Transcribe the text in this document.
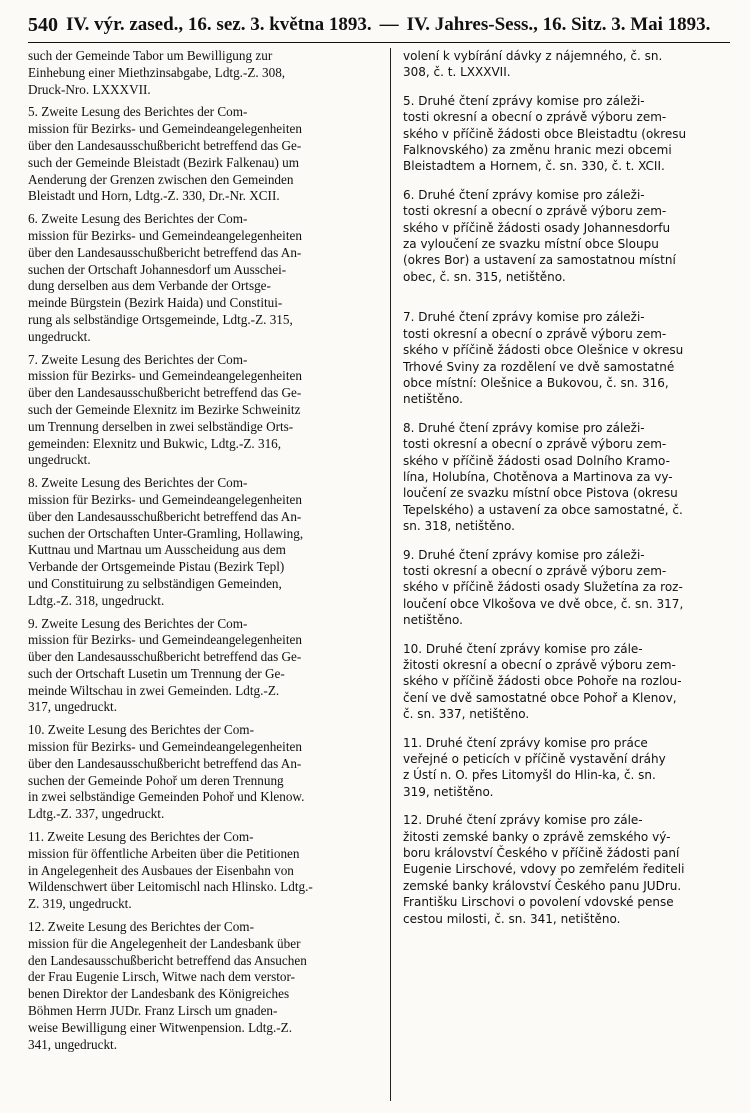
540 IV. výr. zased., 16. sez. 3. května 1893. — IV. Jahres-Sess., 16. Sitz. 3. Mai 1893.

such der Gemeinde Tabor um Bewilligung zur
Einhebung einer Miethzinsabgabe, Ldtg.-Z. 308,
Druck-Nro. LXXXVII.

5. Zweite Lesung des Berichtes der Com-
mission für Bezirks- und Gemeindeangelegenheiten
über den Landesausschußbericht betreffend das Ge-
such der Gemeinde Bleistadt (Bezirk Falkenau) um
Aenderung der Grenzen zwischen den Gemeinden
Bleistadt und Horn, Ldtg.-Z. 330, Dr.-Nr. XCII.

6. Zweite Lesung des Berichtes der Com-
mission für Bezirks- und Gemeindeangelegenheiten
über den Landesausschußbericht betreffend das An-
suchen der Ortschaft Johannesdorf um Ausschei-
dung derselben aus dem Verbande der Ortsge-
meinde Bürgstein (Bezirk Haida) und Constitui-
rung als selbständige Ortsgemeinde, Ldtg.-Z. 315,
ungedruckt.

7. Zweite Lesung des Berichtes der Com-
mission für Bezirks- und Gemeindeangelegenheiten
über den Landesausschußbericht betreffend das Ge-
such der Gemeinde Elexnitz im Bezirke Schweinitz
um Trennung derselben in zwei selbständige Orts-
gemeinden: Elexnitz und Bukwic, Ldtg.-Z. 316,
ungedruckt.

8. Zweite Lesung des Berichtes der Com-
mission für Bezirks- und Gemeindeangelegenheiten
über den Landesausschußbericht betreffend das An-
suchen der Ortschaften Unter-Gramling, Hollawing,
Kuttnau und Martnau um Ausscheidung aus dem
Verbande der Ortsgemeinde Pistau (Bezirk Tepl)
und Constituirung zu selbständigen Gemeinden,
Ldtg.-Z. 318, ungedruckt.

9. Zweite Lesung des Berichtes der Com-
mission für Bezirks- und Gemeindeangelegenheiten
über den Landesausschußbericht betreffend das Ge-
such der Ortschaft Lusetin um Trennung der Ge-
meinde Wiltschau in zwei Gemeinden. Ldtg.-Z.
317, ungedruckt.

10. Zweite Lesung des Berichtes der Com-
mission für Bezirks- und Gemeindeangelegenheiten
über den Landesausschußbericht betreffend das An-
suchen der Gemeinde Pohoř um deren Trennung
in zwei selbständige Gemeinden Pohoř und Klenow.
Ldtg.-Z. 337, ungedruckt.

11. Zweite Lesung des Berichtes der Com-
mission für öffentliche Arbeiten über die Petitionen
in Angelegenheit des Ausbaues der Eisenbahn von
Wildenschwert über Leitomischl nach Hlinsko. Ldtg.-
Z. 319, ungedruckt.

12. Zweite Lesung des Berichtes der Com-
mission für die Angelegenheit der Landesbank über
den Landesausschußbericht betreffend das Ansuchen
der Frau Eugenie Lirsch, Witwe nach dem verstor-
benen Direktor der Landesbank des Königreiches
Böhmen Herrn JUDr. Franz Lirsch um gnaden-
weise Bewilligung einer Witwenpension. Ldtg.-Z.
341, ungedruckt.

volení k vybírání dávky z nájemného, č. sn.
308, č. t. LXXXVII.

5. Druhé čtení zprávy komise pro záleži-
tosti okresní a obecní o zprávě výboru zem-
ského v příčině žádosti obce Bleistadtu (okresu
Falknovského) za změnu hranic mezi obcemi
Bleistadtem a Hornem, č. sn. 330, č. t. XCII.

6. Druhé čtení zprávy komise pro záleži-
tosti okresní a obecní o zprávě výboru zem-
ského v příčině žádosti osady Johannesdorfu
za vyloučení ze svazku místní obce Sloupu
(okres Bor) a ustavení za samostatnou místní
obec, č. sn. 315, netištěno.

7. Druhé čtení zprávy komise pro záleži-
tosti okresní a obecní o zprávě výboru zem-
ského v příčině žádosti obce Olešnice v okresu
Trhové Sviny za rozdělení ve dvě samostatné
obce místní: Olešnice a Bukovou, č. sn. 316,
netištěno.

8. Druhé čtení zprávy komise pro záleži-
tosti okresní a obecní o zprávě výboru zem-
ského v příčině žádosti osad Dolního Kramo-
lína, Holubína, Chotěnova a Martinova za vy-
loučení ze svazku místní obce Pistova (okresu
Tepelského) a ustavení za obce samostatné, č.
sn. 318, netištěno.

9. Druhé čtení zprávy komise pro záleži-
tosti okresní a obecní o zprávě výboru zem-
ského v příčině žádosti osady Služetína za roz-
loučení obce Vlkošova ve dvě obce, č. sn. 317,
netištěno.

10. Druhé čtení zprávy komise pro zále-
žitosti okresní a obecní o zprávě výboru zem-
ského v příčině žádosti obce Pohoře na rozlou-
čení ve dvě samostatné obce Pohoř a Klenov,
č. sn. 337, netištěno.

11. Druhé čtení zprávy komise pro práce
veřejné o peticích v příčině vystavění dráhy
z Ústí n. O. přes Litomyšl do Hlin-ka, č. sn.
319, netištěno.

12. Druhé čtení zprávy komise pro zále-
žitosti zemské banky o zprávě zemského vý-
boru království Českého v příčině žádosti paní
Eugenie Lirschové, vdovy po zemřelém řediteli
zemské banky království Českého panu JUDru.
Františku Lirschovi o povolení vdovské pense
cestou milosti, č. sn. 341, netištěno.
